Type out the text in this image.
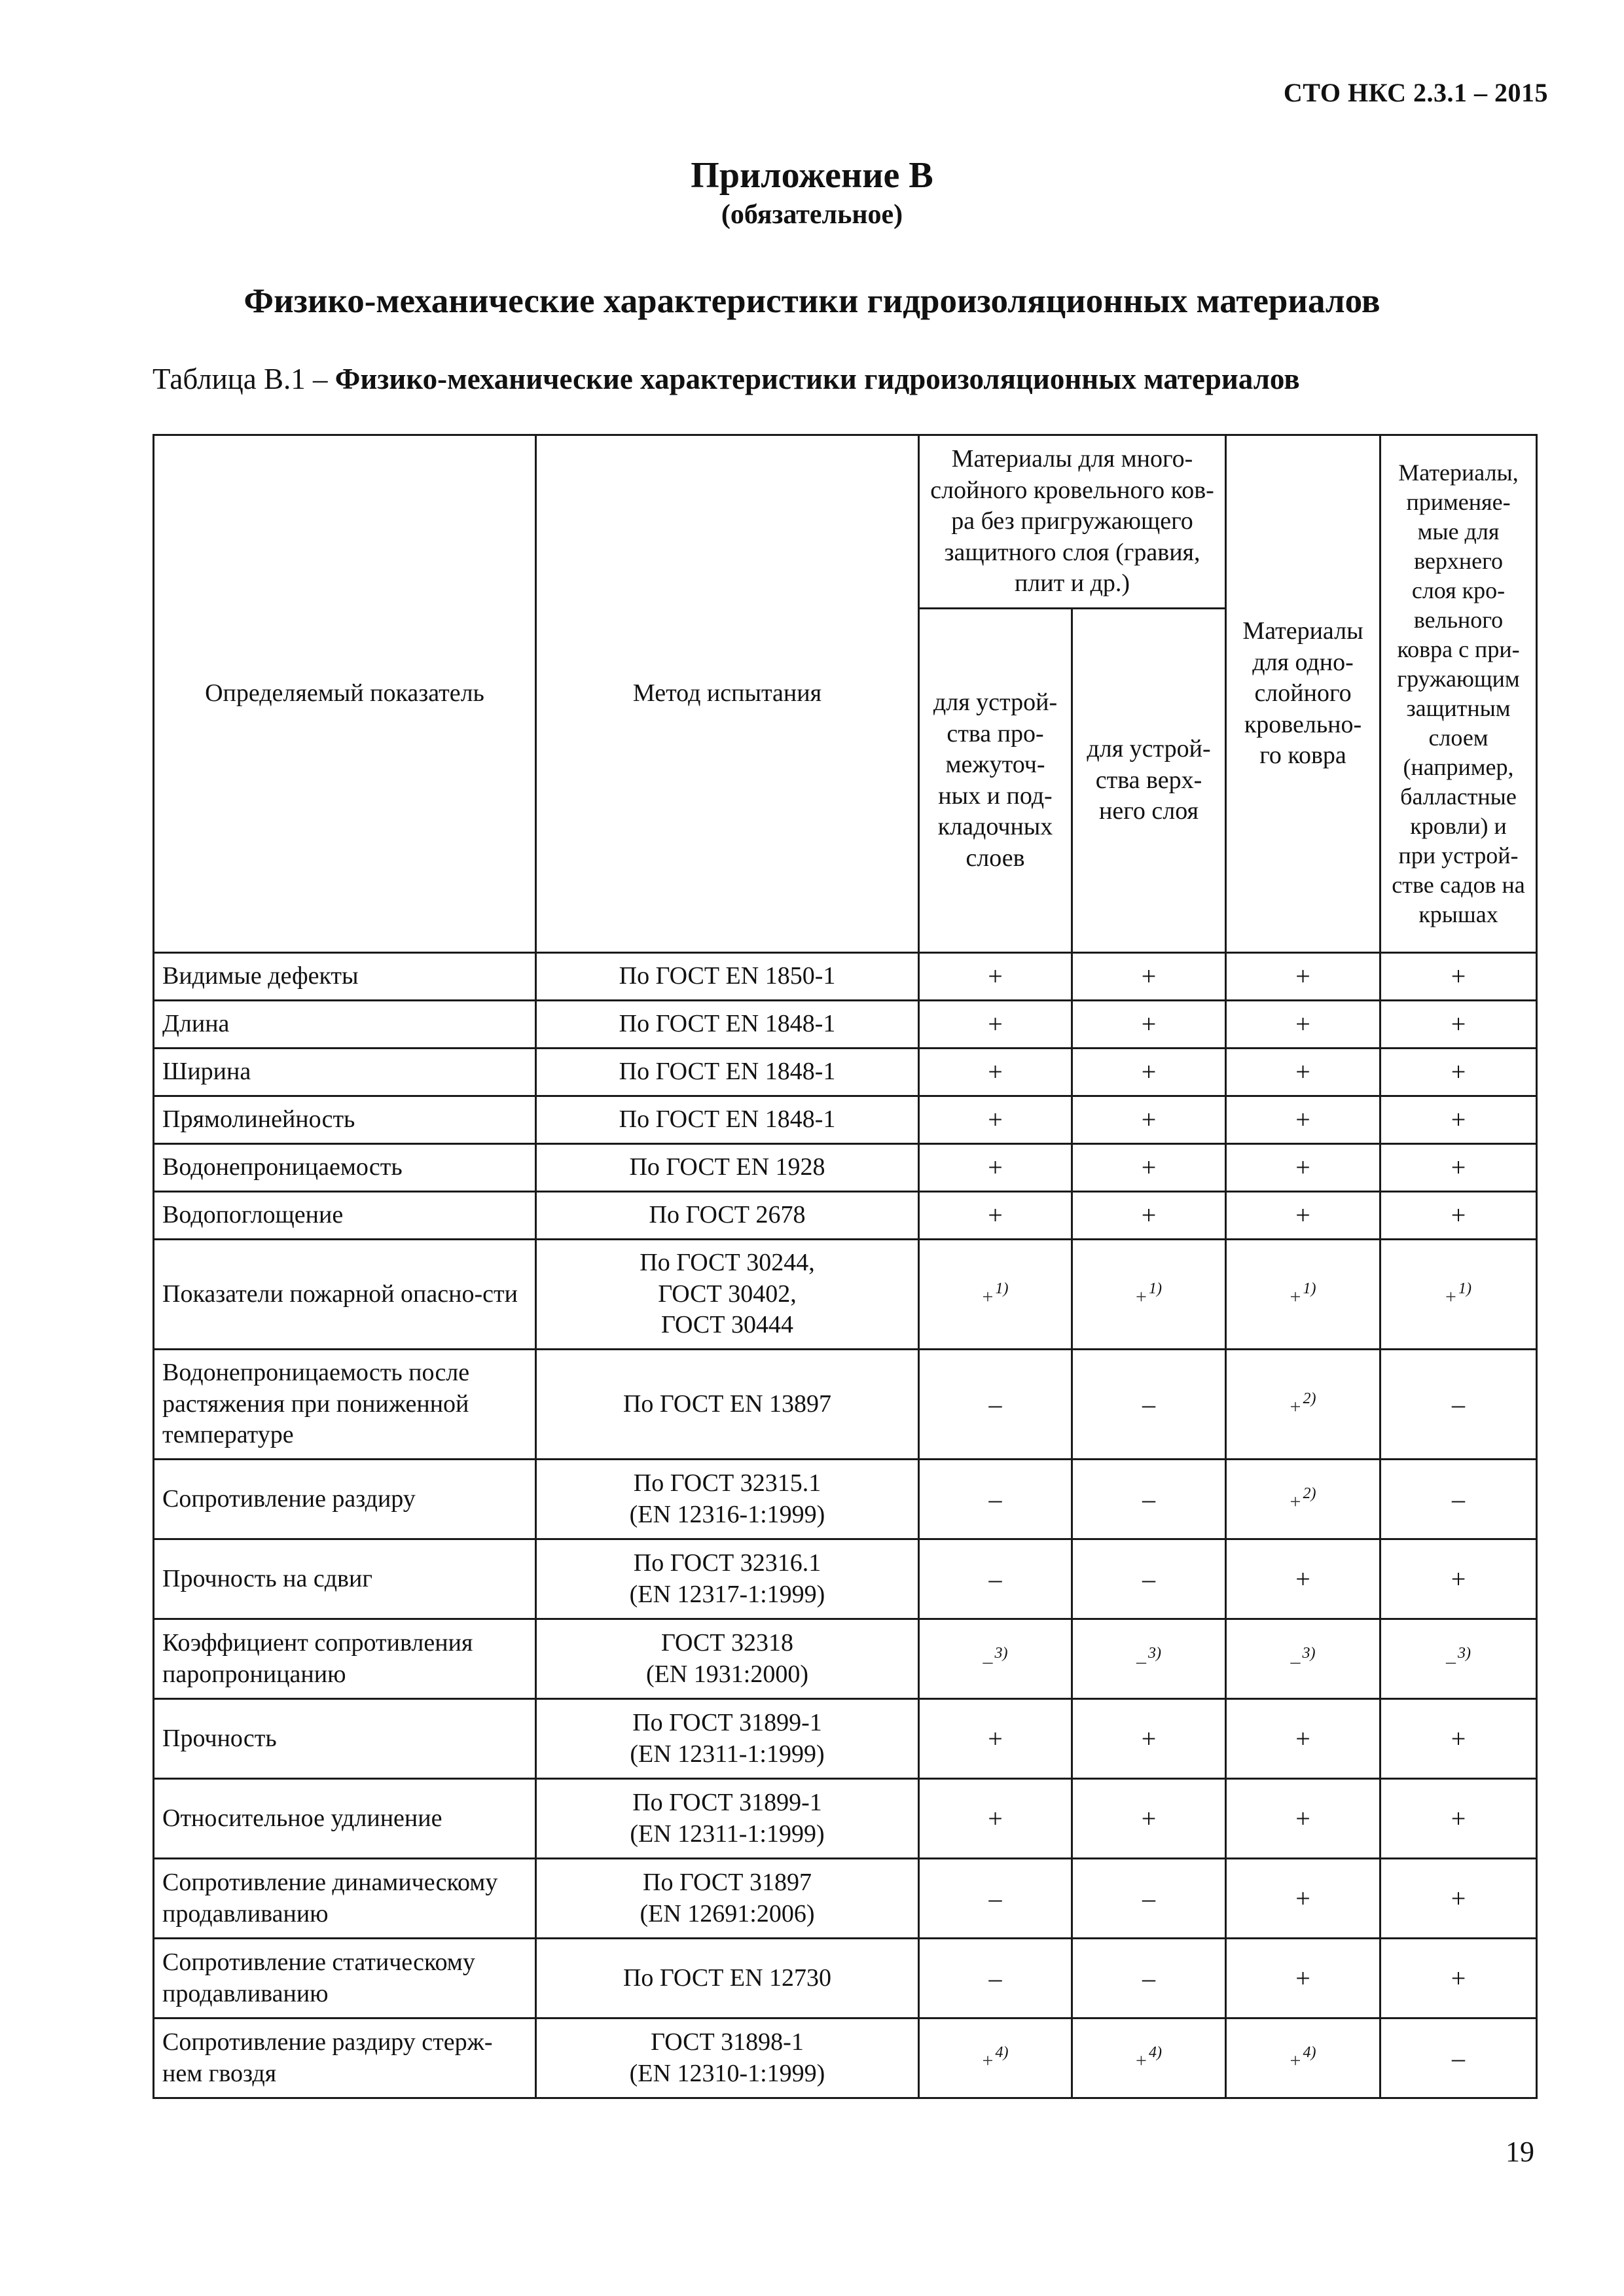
СТО НКС 2.3.1 – 2015
Приложение В
(обязательное)
Физико-механические характеристики гидроизоляционных материалов
Таблица В.1 – Физико-механические характеристики гидроизоляционных материалов
Определяемый показатель	Метод испытания	Материалы для много-слойного кровельного ков-ра без пригружающего защитного слоя (гравия, плит и др.)		Материалы для одно-слойного кровельно-го ковра	Материалы, применяе-мые для верхнего слоя кро-вельного ковра с при-гружающим защитным слоем (например, балластные кровли) и при устрой-стве садов на крышах
		для устрой-ства про-межуточ-ных и под-кладочных слоев	для устрой-ства верх-него слоя		
Видимые дефекты	По ГОСТ EN 1850-1	+	+	+	+
Длина	По ГОСТ EN 1848-1	+	+	+	+
Ширина	По ГОСТ EN 1848-1	+	+	+	+
Прямолинейность	По ГОСТ EN 1848-1	+	+	+	+
Водонепроницаемость	По ГОСТ EN 1928	+	+	+	+
Водопоглощение	По ГОСТ 2678	+	+	+	+
Показатели пожарной опасно-сти	По ГОСТ 30244,
ГОСТ 30402,
ГОСТ 30444	+ $^{1)}$	+ $^{1)}$	+ $^{1)}$	+ $^{1)}$
Водонепроницаемость после растяжения при пониженной температуре	По ГОСТ EN 13897	–	–	+ $^{2)}$	–
Сопротивление раздиру	По ГОСТ 32315.1
(EN 12316-1:1999)	–	–	+ $^{2)}$	–
Прочность на сдвиг	По ГОСТ 32316.1
(EN 12317-1:1999)	–	–	+	+
Коэффициент сопротивления паропроницанию	ГОСТ 32318
(EN 1931:2000)	– $^{3)}$	– $^{3)}$	– $^{3)}$	– $^{3)}$
Прочность	По ГОСТ 31899-1
(EN 12311-1:1999)	+	+	+	+
Относительное удлинение	По ГОСТ 31899-1
(EN 12311-1:1999)	+	+	+	+
Сопротивление динамическому продавливанию	По ГОСТ 31897
(EN 12691:2006)	–	–	+	+
Сопротивление статическому продавливанию	По ГОСТ EN 12730	–	–	+	+
Сопротивление раздиру стерж-нем гвоздя	ГОСТ 31898-1
(EN 12310-1:1999)	+ $^{4)}$	+ $^{4)}$	+ $^{4)}$	–
19
